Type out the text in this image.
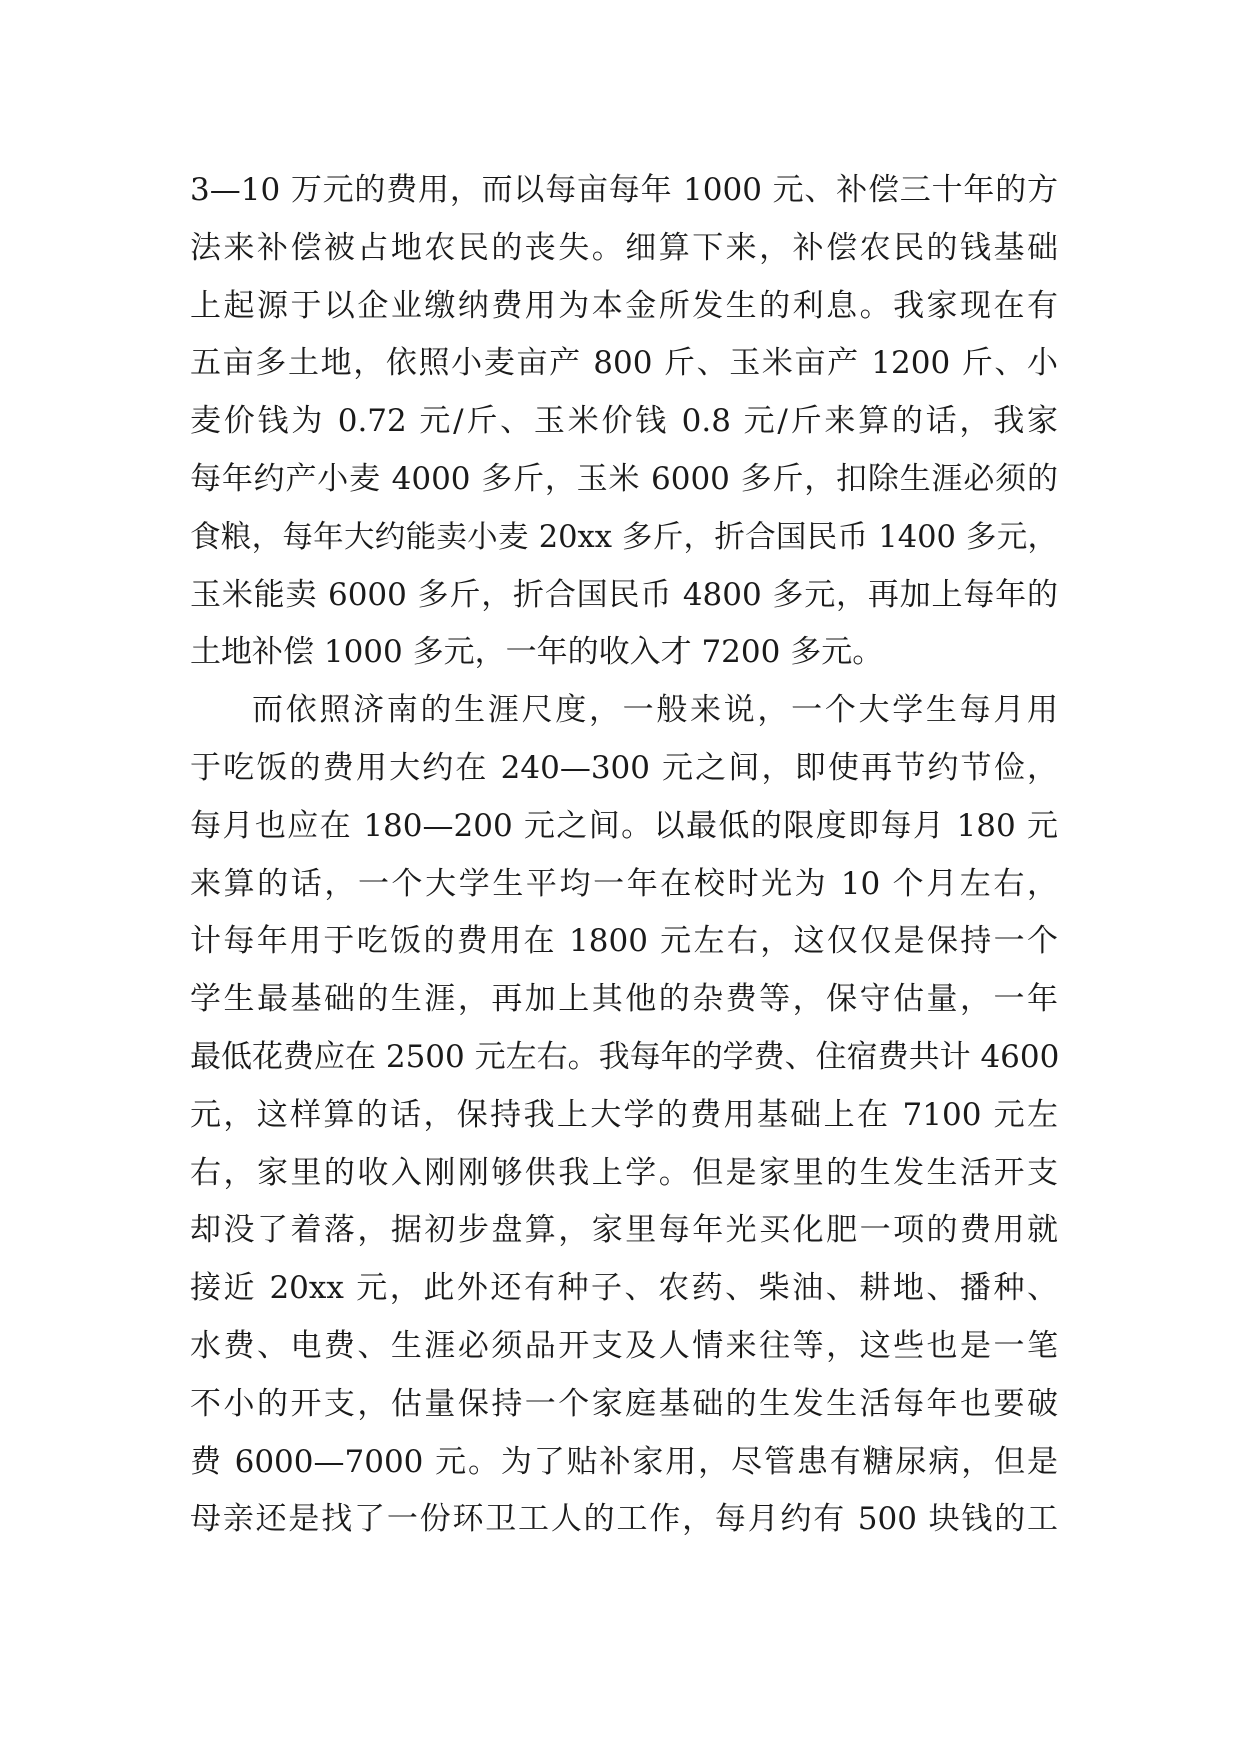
3—10 万元的费用，而以每亩每年 1000 元、补偿三十年的方
法来补偿被占地农民的丧失。细算下来，补偿农民的钱基础
上起源于以企业缴纳费用为本金所发生的利息。我家现在有
五亩多土地，依照小麦亩产 800 斤、玉米亩产 1200 斤、小
麦价钱为 0.72 元/斤、玉米价钱 0.8 元/斤来算的话，我家
每年约产小麦 4000 多斤，玉米 6000 多斤，扣除生涯必须的
食粮，每年大约能卖小麦 20xx 多斤，折合国民币 1400 多元，
玉米能卖 6000 多斤，折合国民币 4800 多元，再加上每年的
土地补偿 1000 多元，一年的收入才 7200 多元。
而依照济南的生涯尺度，一般来说，一个大学生每月用
于吃饭的费用大约在 240—300 元之间，即使再节约节俭，
每月也应在 180—200 元之间。以最低的限度即每月 180 元
来算的话，一个大学生平均一年在校时光为 10 个月左右，
计每年用于吃饭的费用在 1800 元左右，这仅仅是保持一个
学生最基础的生涯，再加上其他的杂费等，保守估量，一年
最低花费应在 2500 元左右。我每年的学费、住宿费共计 4600
元，这样算的话，保持我上大学的费用基础上在 7100 元左
右，家里的收入刚刚够供我上学。但是家里的生发生活开支
却没了着落，据初步盘算，家里每年光买化肥一项的费用就
接近 20xx 元，此外还有种子、农药、柴油、耕地、播种、
水费、电费、生涯必须品开支及人情来往等，这些也是一笔
不小的开支，估量保持一个家庭基础的生发生活每年也要破
费 6000—7000 元。为了贴补家用，尽管患有糖尿病，但是
母亲还是找了一份环卫工人的工作，每月约有 500 块钱的工
